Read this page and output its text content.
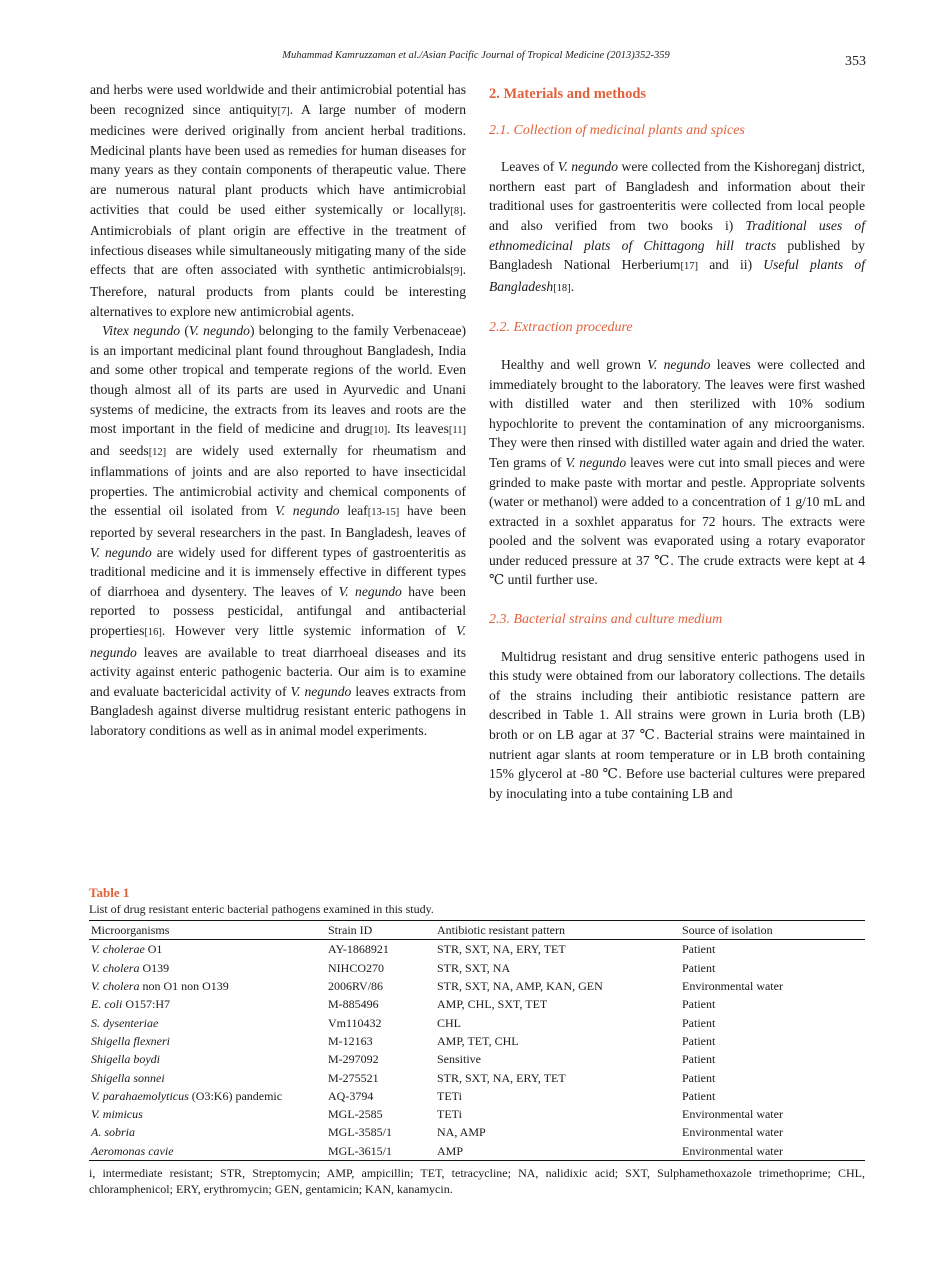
Muhammad Kamruzzaman et al./Asian Pacific Journal of Tropical Medicine (2013)352-359	353

and herbs were used worldwide and their antimicrobial potential has been recognized since antiquity[7]. A large number of modern medicines were derived originally from ancient herbal traditions. Medicinal plants have been used as remedies for human diseases for many years as they contain components of therapeutic value. There are numerous natural plant products which have antimicrobial activities that could be used either systemically or locally[8]. Antimicrobials of plant origin are effective in the treatment of infectious diseases while simultaneously mitigating many of the side effects that are often associated with synthetic antimicrobials[9]. Therefore, natural products from plants could be interesting alternatives to explore new antimicrobial agents.

Vitex negundo (V. negundo) belonging to the family Verbenaceae) is an important medicinal plant found throughout Bangladesh, India and some other tropical and temperate regions of the world. Even though almost all of its parts are used in Ayurvedic and Unani systems of medicine, the extracts from its leaves and roots are the most important in the field of medicine and drug[10]. Its leaves[11] and seeds[12] are widely used externally for rheumatism and inflammations of joints and are also reported to have insecticidal properties. The antimicrobial activity and chemical components of the essential oil isolated from V. negundo leaf[13-15] have been reported by several researchers in the past. In Bangladesh, leaves of V. negundo are widely used for different types of gastroenteritis as traditional medicine and it is immensely effective in different types of diarrhoea and dysentery. The leaves of V. negundo have been reported to possess pesticidal, antifungal and antibacterial properties[16]. However very little systemic information of V. negundo leaves are available to treat diarrhoeal diseases and its activity against enteric pathogenic bacteria. Our aim is to examine and evaluate bactericidal activity of V. negundo leaves extracts from Bangladesh against diverse multidrug resistant enteric pathogens in laboratory conditions as well as in animal model experiments.

2. Materials and methods

2.1. Collection of medicinal plants and spices

Leaves of V. negundo were collected from the Kishoreganj district, northern east part of Bangladesh and information about their traditional uses for gastroenteritis were collected from local people and also verified from two books i) Traditional uses of ethnomedicinal plats of Chittagong hill tracts published by Bangladesh National Herberium[17] and ii) Useful plants of Bangladesh[18].

2.2. Extraction procedure

Healthy and well grown V. negundo leaves were collected and immediately brought to the laboratory. The leaves were first washed with distilled water and then sterilized with 10% sodium hypochlorite to prevent the contamination of any microorganisms. They were then rinsed with distilled water again and dried the water. Ten grams of V. negundo leaves were cut into small pieces and were grinded to make paste with mortar and pestle. Appropriate solvents (water or methanol) were added to a concentration of 1 g/10 mL and extracted in a soxhlet apparatus for 72 hours. The extracts were pooled and the solvent was evaporated using a rotary evaporator under reduced pressure at 37 ℃. The crude extracts were kept at 4 ℃ until further use.

2.3. Bacterial strains and culture medium

Multidrug resistant and drug sensitive enteric pathogens used in this study were obtained from our laboratory collections. The details of the strains including their antibiotic resistance pattern are described in Table 1. All strains were grown in Luria broth (LB) broth or on LB agar at 37 ℃. Bacterial strains were maintained in nutrient agar slants at room temperature or in LB broth containing 15% glycerol at -80 ℃. Before use bacterial cultures were prepared by inoculating into a tube containing LB and

Table 1
List of drug resistant enteric bacterial pathogens examined in this study.
Microorganisms	Strain ID	Antibiotic resistant pattern	Source of isolation
V. cholerae O1	AY-1868921	STR, SXT, NA, ERY, TET	Patient
V. cholera O139	NIHCO270	STR, SXT, NA	Patient
V. cholera non O1 non O139	2006RV/86	STR, SXT, NA, AMP, KAN, GEN	Environmental water
E. coli O157:H7	M-885496	AMP, CHL, SXT, TET	Patient
S. dysenteriae	Vm110432	CHL	Patient
Shigella flexneri	M-12163	AMP, TET, CHL	Patient
Shigella boydi	M-297092	Sensitive	Patient
Shigella sonnei	M-275521	STR, SXT, NA, ERY, TET	Patient
V. parahaemolyticus (O3:K6) pandemic	AQ-3794	TETi	Patient
V. mimicus	MGL-2585	TETi	Environmental water
A. sobria	MGL-3585/1	NA, AMP	Environmental water
Aeromonas cavie	MGL-3615/1	AMP	Environmental water
i, intermediate resistant; STR, Streptomycin; AMP, ampicillin; TET, tetracycline; NA, nalidixic acid; SXT, Sulphamethoxazole trimethoprime; CHL, chloramphenicol; ERY, erythromycin; GEN, gentamicin; KAN, kanamycin.
